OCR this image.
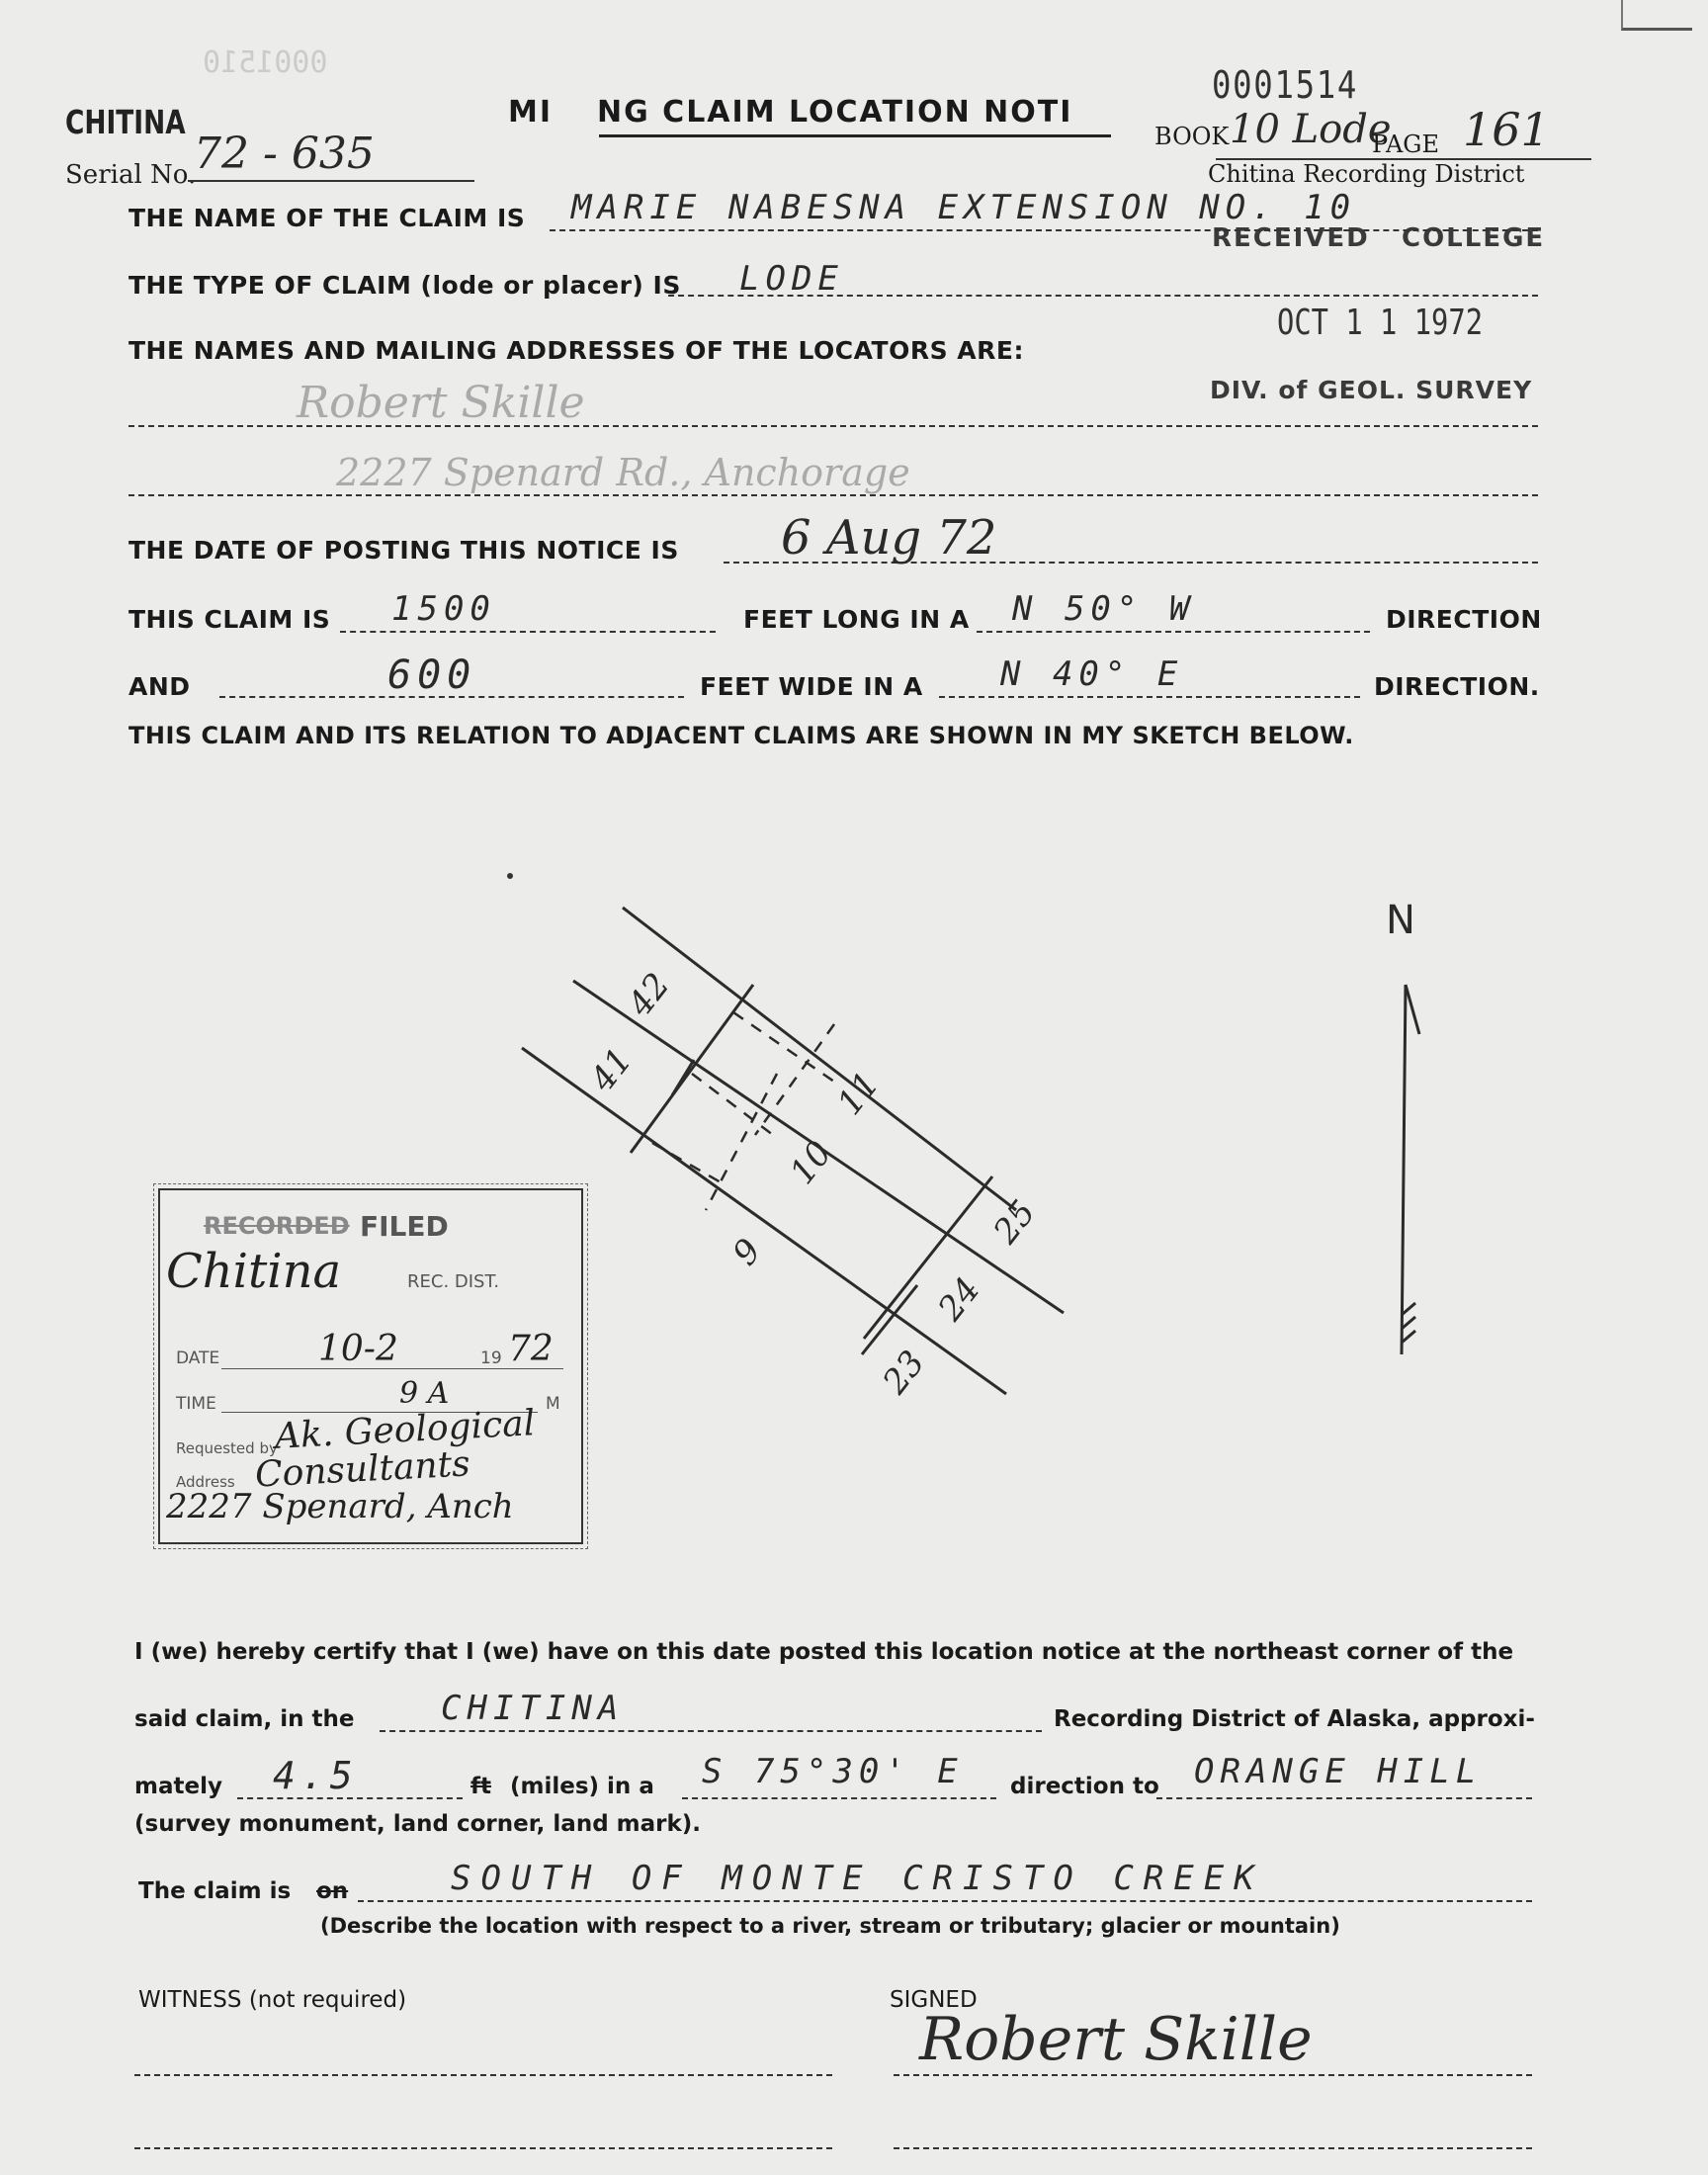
0001510
CHITINA
Serial No.
72 - 635
MI NG CLAIM LOCATION NOTI
0001514
BOOK 10 Lode
PAGE 161
Chitina Recording District
RECEIVED COLLEGE
OCT 1 1 1972
DIV. of GEOL. SURVEY
THE NAME OF THE CLAIM IS MARIE NABESNA EXTENSION NO. 10
THE TYPE OF CLAIM (lode or placer) IS LODE
THE NAMES AND MAILING ADDRESSES OF THE LOCATORS ARE:
Robert Skille
2227 Spenard Rd., Anchorage
THE DATE OF POSTING THIS NOTICE IS 6 Aug 72
THIS CLAIM IS 1500	FEET LONG IN A N 50° W	DIRECTION
AND	600	FEET WIDE IN A N 40° E	DIRECTION.
THIS CLAIM AND ITS RELATION TO ADJACENT CLAIMS ARE SHOWN IN MY SKETCH BELOW.
42
41	11
10
9
25
24
23
N
RECORDED FILED
Chitina	REC. DIST.
DATE	10-2	19 72
TIME	9 A	M
Requested by
Ak. Geological
Address Consultants
2227 Spenard, Anch
I (we) hereby certify that I (we) have on this date posted this location notice at the northeast corner of the
said claim, in the	CHITINA	Recording District of Alaska, approxi-
mately 4.5	ft (miles) in a S 75°30' E direction to ORANGE HILL
(survey monument, land corner, land mark).
The claim is on	SOUTH OF MONTE CRISTO CREEK
(Describe the location with respect to a river, stream or tributary; glacier or mountain)
WITNESS (not required)	SIGNED
Robert Skille
